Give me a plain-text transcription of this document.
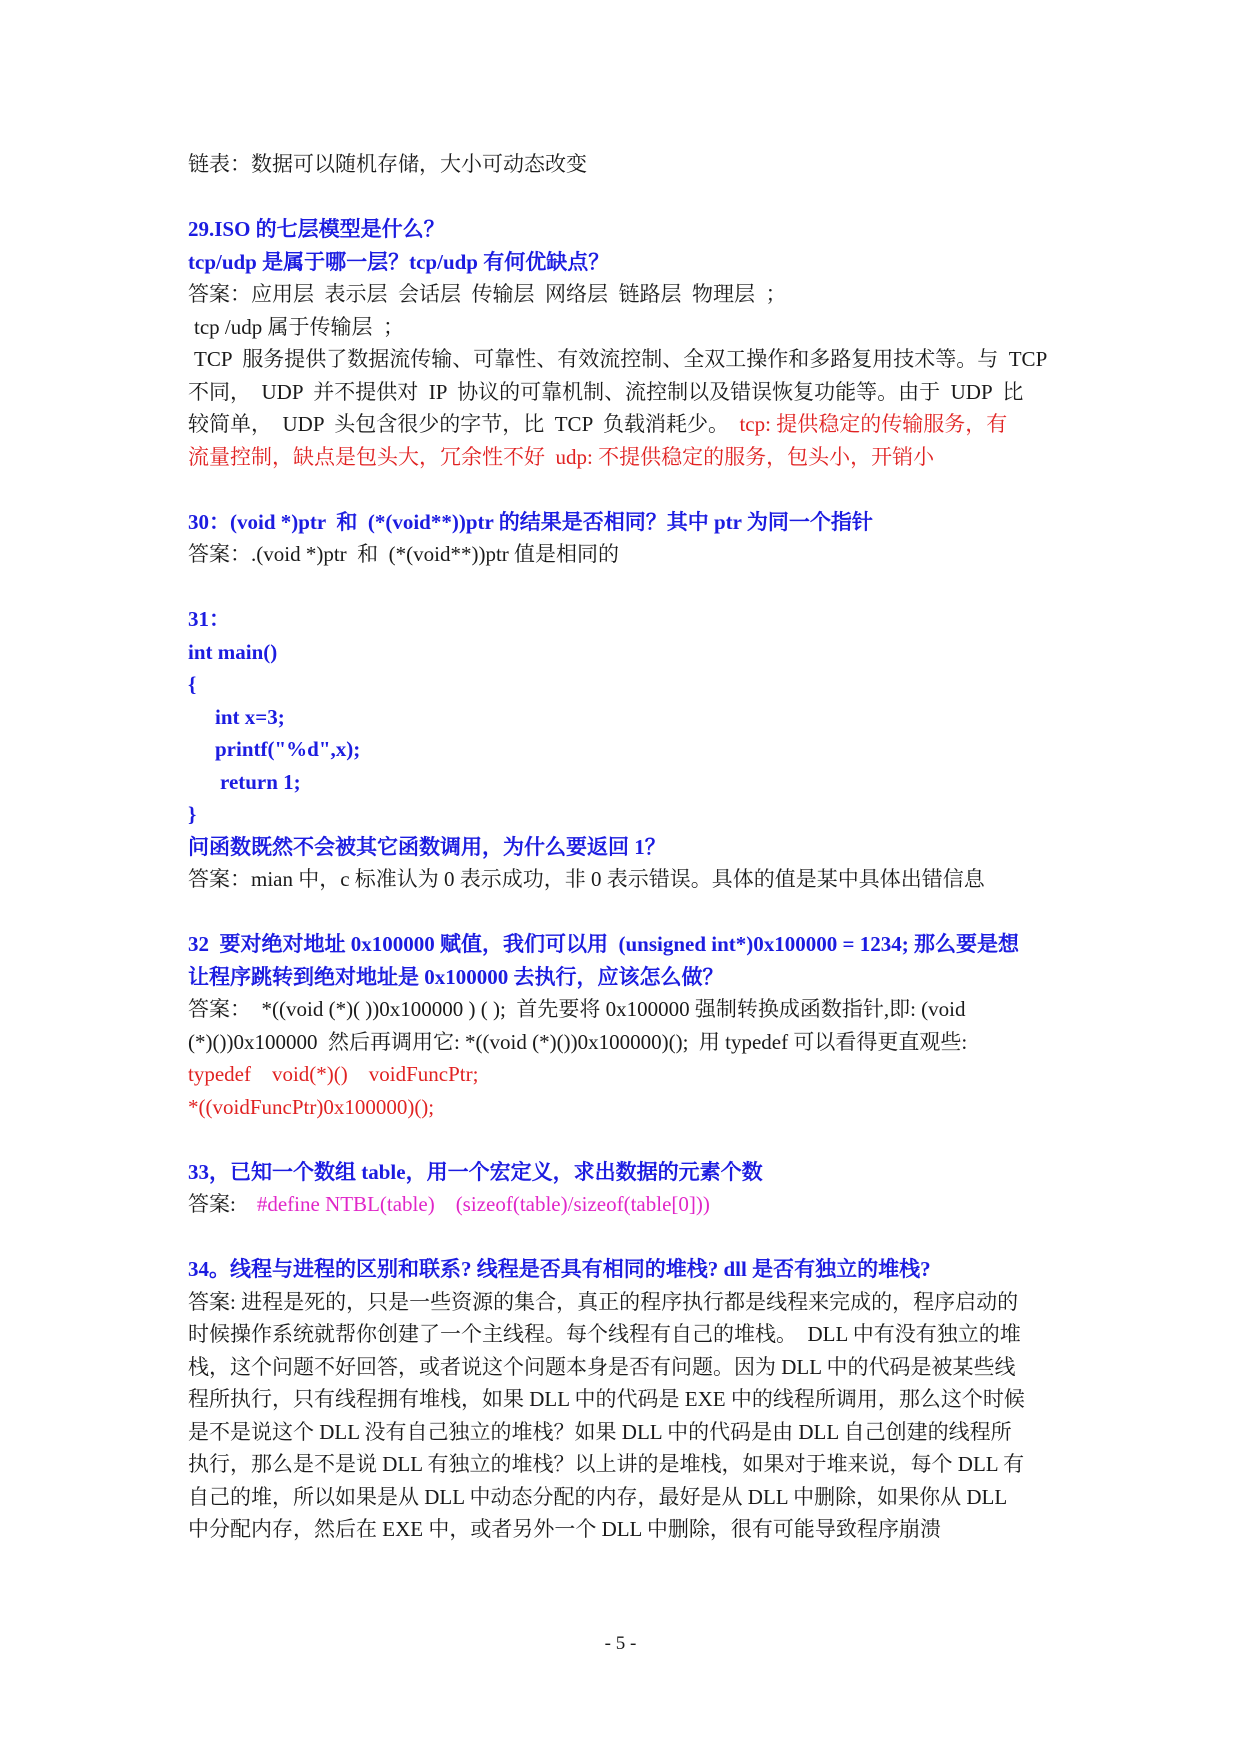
链表：数据可以随机存储，大小可动态改变
29.ISO 的七层模型是什么？
tcp/udp 是属于哪一层？tcp/udp 有何优缺点？
答案：应用层  表示层  会话层  传输层  网络层  链路层  物理层  ；
tcp /udp 属于传输层  ；
TCP  服务提供了数据流传输、可靠性、有效流控制、全双工操作和多路复用技术等。与  TCP
不同，  UDP  并不提供对  IP  协议的可靠机制、流控制以及错误恢复功能等。由于  UDP  比
较简单，  UDP  头包含很少的字节，比  TCP  负载消耗少。  tcp: 提供稳定的传输服务，有
流量控制，缺点是包头大，冗余性不好  udp: 不提供稳定的服务，包头小，开销小
30：(void *)ptr  和  (*(void**))ptr 的结果是否相同？其中 ptr 为同一个指针
答案：.(void *)ptr  和  (*(void**))ptr 值是相同的
31：
int main()
{
int x=3;
printf("%d",x);
return 1;
}
问函数既然不会被其它函数调用，为什么要返回 1？
答案：mian 中，c 标准认为 0 表示成功，非 0 表示错误。具体的值是某中具体出错信息
32  要对绝对地址 0x100000 赋值，我们可以用  (unsigned int*)0x100000 = 1234; 那么要是想
让程序跳转到绝对地址是 0x100000 去执行，应该怎么做？
答案：  *((void (*)( ))0x100000 ) ( );  首先要将 0x100000 强制转换成函数指针,即: (void
(*)())0x100000  然后再调用它: *((void (*)())0x100000)();  用 typedef 可以看得更直观些:
typedef    void(*)()    voidFuncPtr;
*((voidFuncPtr)0x100000)();
33，已知一个数组 table，用一个宏定义，求出数据的元素个数
答案:    #define NTBL(table)    (sizeof(table)/sizeof(table[0]))
34。线程与进程的区别和联系? 线程是否具有相同的堆栈? dll 是否有独立的堆栈?
答案: 进程是死的，只是一些资源的集合，真正的程序执行都是线程来完成的，程序启动的
时候操作系统就帮你创建了一个主线程。每个线程有自己的堆栈。  DLL 中有没有独立的堆
栈，这个问题不好回答，或者说这个问题本身是否有问题。因为 DLL 中的代码是被某些线
程所执行，只有线程拥有堆栈，如果 DLL 中的代码是 EXE 中的线程所调用，那么这个时候
是不是说这个 DLL 没有自己独立的堆栈？如果 DLL 中的代码是由 DLL 自己创建的线程所
执行，那么是不是说 DLL 有独立的堆栈？以上讲的是堆栈，如果对于堆来说，每个 DLL 有
自己的堆，所以如果是从 DLL 中动态分配的内存，最好是从 DLL 中删除，如果你从 DLL
中分配内存，然后在 EXE 中，或者另外一个 DLL 中删除，很有可能导致程序崩溃
- 5 -
